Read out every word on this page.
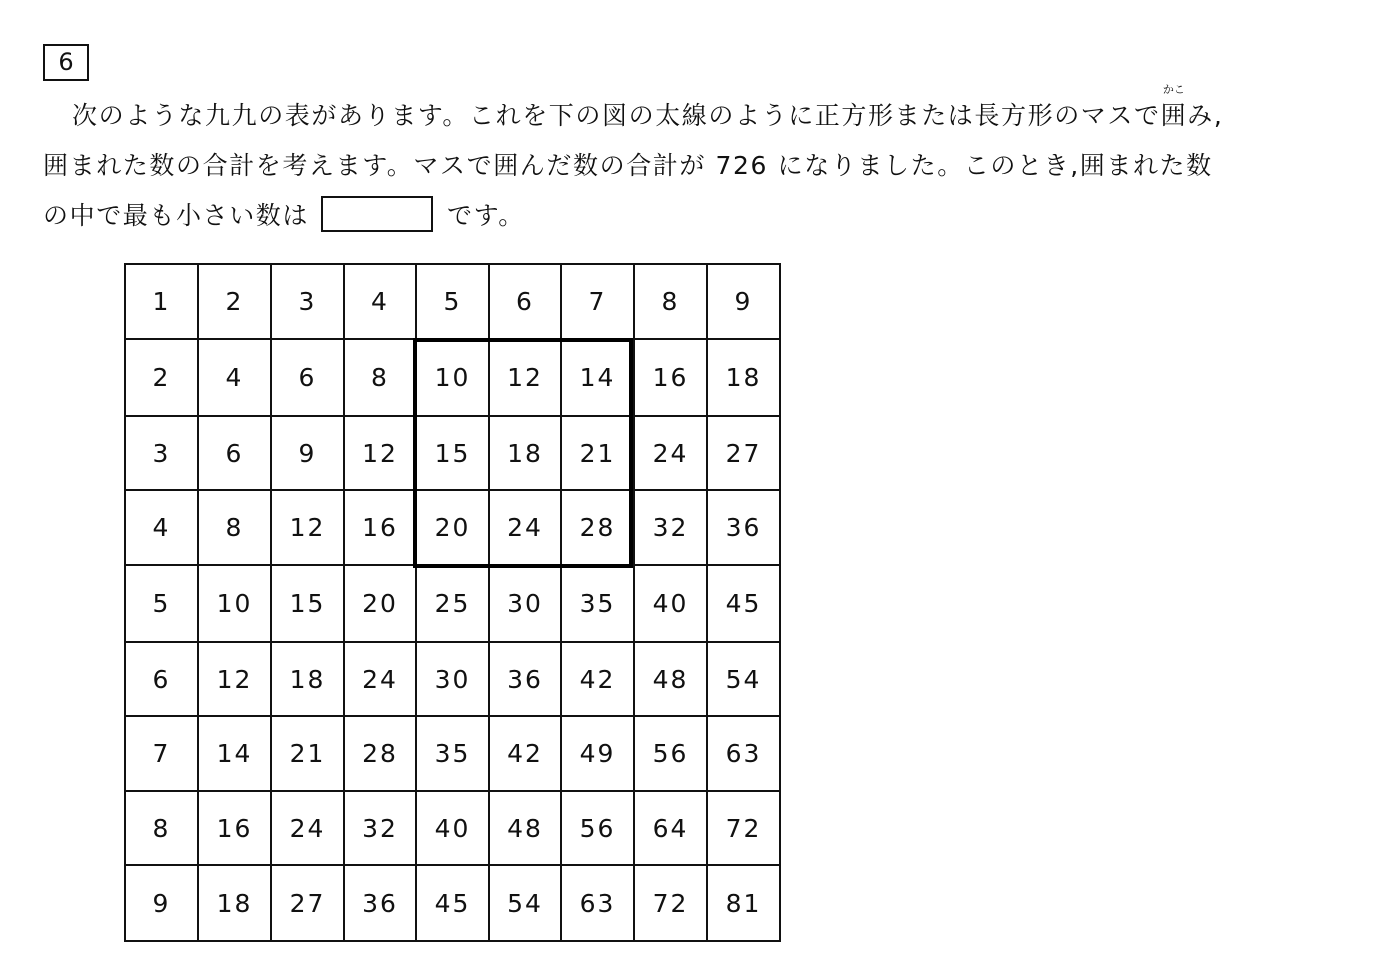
6
次のような九九の表があります。これを下の図の太線のように正方形または長方形のマスで
かこ
囲み,
囲まれた数の合計を考えます。マスで囲んだ数の合計が 726 になりました。このとき,囲まれた数
の中で最も小さい数は	です。
1	2	3	4	5	6	7	8	9
2	4	6	8	10	12	14	16	18
3	6	9	12	15	18	21	24	27
4	8	12	16	20	24	28	32	36
5	10	15	20	25	30	35	40	45
6	12	18	24	30	36	42	48	54
7	14	21	28	35	42	49	56	63
8	16	24	32	40	48	56	64	72
9	18	27	36	45	54	63	72	81
